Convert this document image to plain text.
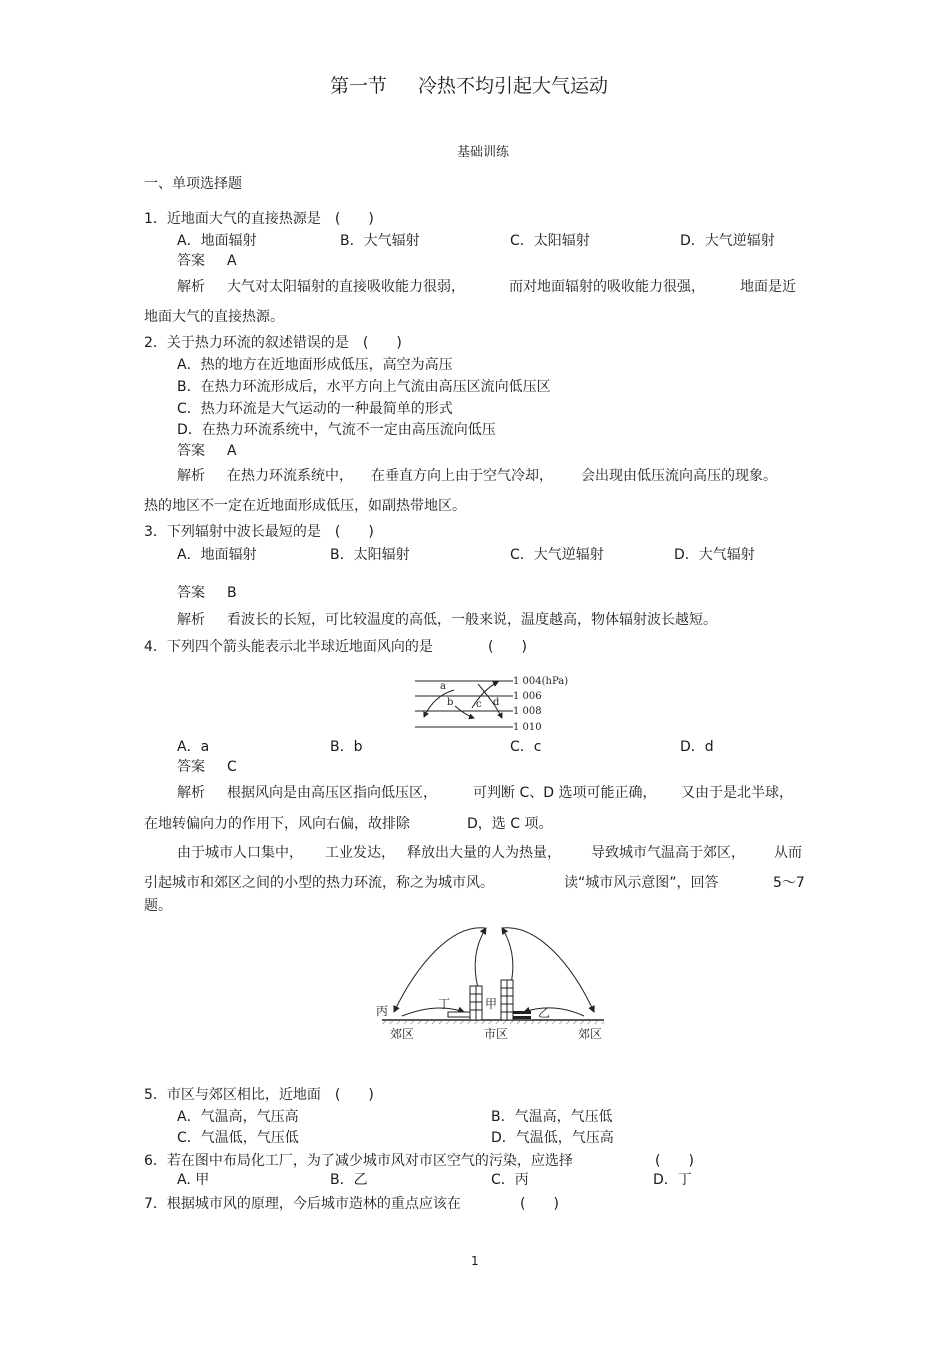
第一节 冷热不均引起大气运动
基础训练
一、单项选择题
1．近地面大气的直接热源是　(　　)
A．地面辐射	B．大气辐射	C．太阳辐射	D．大气逆辐射
答案 A
解析 大气对太阳辐射的直接吸收能力很弱，	而对地面辐射的吸收能力很强，	地面是近
地面大气的直接热源。
2．关于热力环流的叙述错误的是　(　　)
A．热的地方在近地面形成低压，高空为高压
B．在热力环流形成后，水平方向上气流由高压区流向低压区
C．热力环流是大气运动的一种最简单的形式
D．在热力环流系统中，气流不一定由高压流向低压
答案 A
解析 在热力环流系统中， 在垂直方向上由于空气冷却， 会出现由低压流向高压的现象。
热的地区不一定在近地面形成低压，如副热带地区。
3．下列辐射中波长最短的是　(　　)
A．地面辐射	B．太阳辐射	C．大气逆辐射	D．大气辐射
答案 B
解析 看波长的长短，可比较温度的高低，一般来说，温度越高，物体辐射波长越短。
4．下列四个箭头能表示北半球近地面风向的是	(　　)
1 004(hPa)
1 006
1 008
1 010
a
b c d
A．a	B．b	C．c	D．d
答案 C
解析 根据风向是由高压区指向低压区，	可判断 C、D 选项可能正确， 又由于是北半球，
在地转偏向力的作用下，风向右偏，故排除	D，选 C 项。
由于城市人口集中， 工业发达， 释放出大量的人为热量， 导致城市气温高于郊区， 从而
引起城市和郊区之间的小型的热力环流，称之为城市风。	读“城市风示意图”，回答	5～7
题。
丙	丁	甲
乙
郊区	市区	郊区
5．市区与郊区相比，近地面　(　　)
A．气温高，气压高	B．气温高，气压低
C．气温低，气压低	D．气温低，气压高
6．若在图中布局化工厂，为了减少城市风对市区空气的污染，应选择	(　　)
A. 甲	B．乙	C．丙	D．丁
7．根据城市风的原理，今后城市造林的重点应该在	(　　)
1
